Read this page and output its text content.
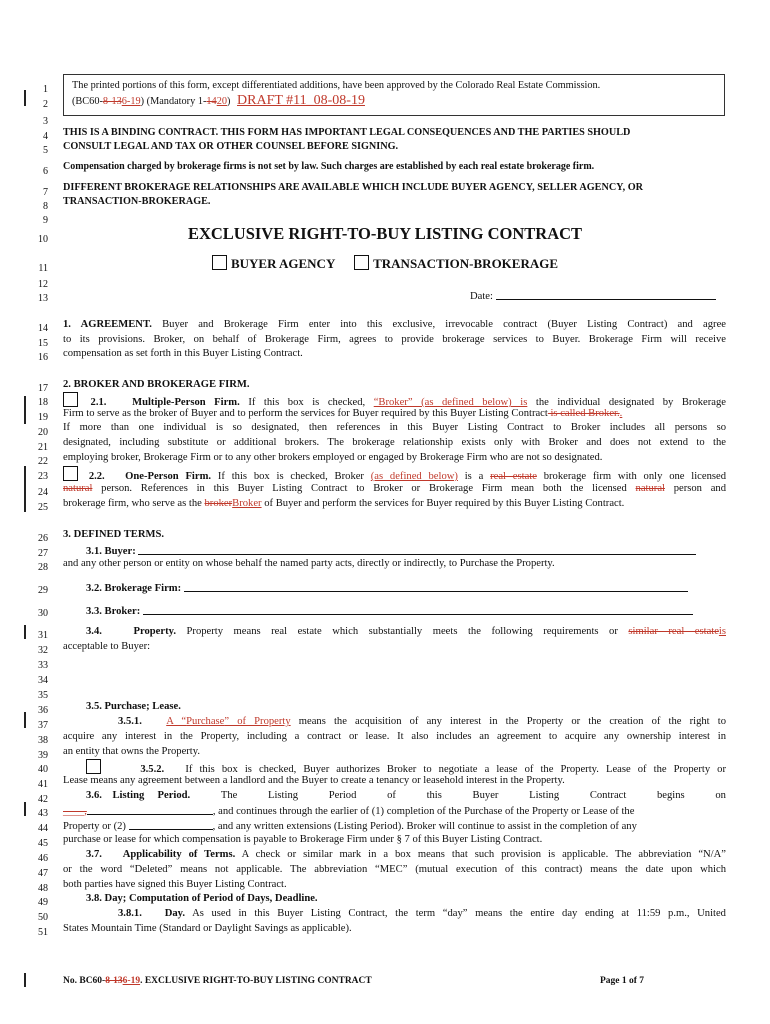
1
2
3
4
5
6
7
8
9
10
11
12
13
14
15
16
17
18
19
20
21
22
23
24
25
26
27
28
29
30
31
32
33
34
35
36
37
38
39
40
41
42
43
44
45
46
47
48
49
50
51
The printed portions of this form, except differentiated additions, have been approved by the Colorado Real Estate Commission.
(BC60-8-136-19) (Mandatory 1-1420) DRAFT #11_08-08-19
THIS IS A BINDING CONTRACT. THIS FORM HAS IMPORTANT LEGAL CONSEQUENCES AND THE PARTIES SHOULD
CONSULT LEGAL AND TAX OR OTHER COUNSEL BEFORE SIGNING.
Compensation charged by brokerage firms is not set by law. Such charges are established by each real estate brokerage firm.
DIFFERENT BROKERAGE RELATIONSHIPS ARE AVAILABLE WHICH INCLUDE BUYER AGENCY, SELLER AGENCY, OR
TRANSACTION-BROKERAGE.
EXCLUSIVE RIGHT-TO-BUY LISTING CONTRACT
BUYER AGENCY	TRANSACTION-BROKERAGE
Date:
1. AGREEMENT. Buyer and Brokerage Firm enter into this exclusive, irrevocable contract (Buyer Listing Contract) and agree
to its provisions. Broker, on behalf of Brokerage Firm, agrees to provide brokerage services to Buyer. Brokerage Firm will receive
compensation as set forth in this Buyer Listing Contract.
2. BROKER AND BROKERAGE FIRM.
2.1. Multiple-Person Firm. If this box is checked, “Broker” (as defined below) is the individual designated by Brokerage
Firm to serve as the broker of Buyer and to perform the services for Buyer required by this Buyer Listing Contract is called Broker..
If more than one individual is so designated, then references in this Buyer Listing Contract to Broker includes all persons so
designated, including substitute or additional brokers. The brokerage relationship exists only with Broker and does not extend to the
employing broker, Brokerage Firm or to any other brokers employed or engaged by Brokerage Firm who are not so designated.
2.2. One-Person Firm. If this box is checked, Broker (as defined below) is a real estate brokerage firm with only one licensed
natural person. References in this Buyer Listing Contract to Broker or Brokerage Firm mean both the licensed natural person and
brokerage firm, who serve as the brokerBroker of Buyer and perform the services for Buyer required by this Buyer Listing Contract.
3. DEFINED TERMS.
3.1. Buyer:
and any other person or entity on whose behalf the named party acts, directly or indirectly, to Purchase the Property.
3.2. Brokerage Firm:
3.3. Broker:
3.4.	Property. Property means real estate which substantially meets the following requirements or similar real estateis
acceptable to Buyer:
3.5. Purchase; Lease.
3.5.1. A “Purchase” of Property means the acquisition of any interest in the Property or the creation of the right to
acquire any interest in the Property, including a contract or lease. It also includes an agreement to acquire any ownership interest in
an entity that owns the Property.
3.5.2. If this box is checked, Buyer authorizes Broker to negotiate a lease of the Property. Lease of the Property or
Lease means any agreement between a landlord and the Buyer to create a tenancy or leasehold interest in the Property.
3.6.    Listing     Period.	The	Listing	Period	of	this	Buyer	Listing	Contract	begins	on
____,	, and continues through the earlier of (1) completion of the Purchase of the Property or Lease of the
Property or (2)	, and any written extensions (Listing Period). Broker will continue to assist in the completion of any
purchase or lease for which compensation is payable to Brokerage Firm under § 7 of this Buyer Listing Contract.
3.7. Applicability of Terms. A check or similar mark in a box means that such provision is applicable. The abbreviation “N/A”
or the word “Deleted” means not applicable. The abbreviation “MEC” (mutual execution of this contract) means the date upon which
both parties have signed this Buyer Listing Contract.
3.8. Day; Computation of Period of Days, Deadline.
3.8.1. Day. As used in this Buyer Listing Contract, the term “day” means the entire day ending at 11:59 p.m., United
States Mountain Time (Standard or Daylight Savings as applicable).
No. BC60-8-136-19. EXCLUSIVE RIGHT-TO-BUY LISTING CONTRACT	Page 1 of 7
